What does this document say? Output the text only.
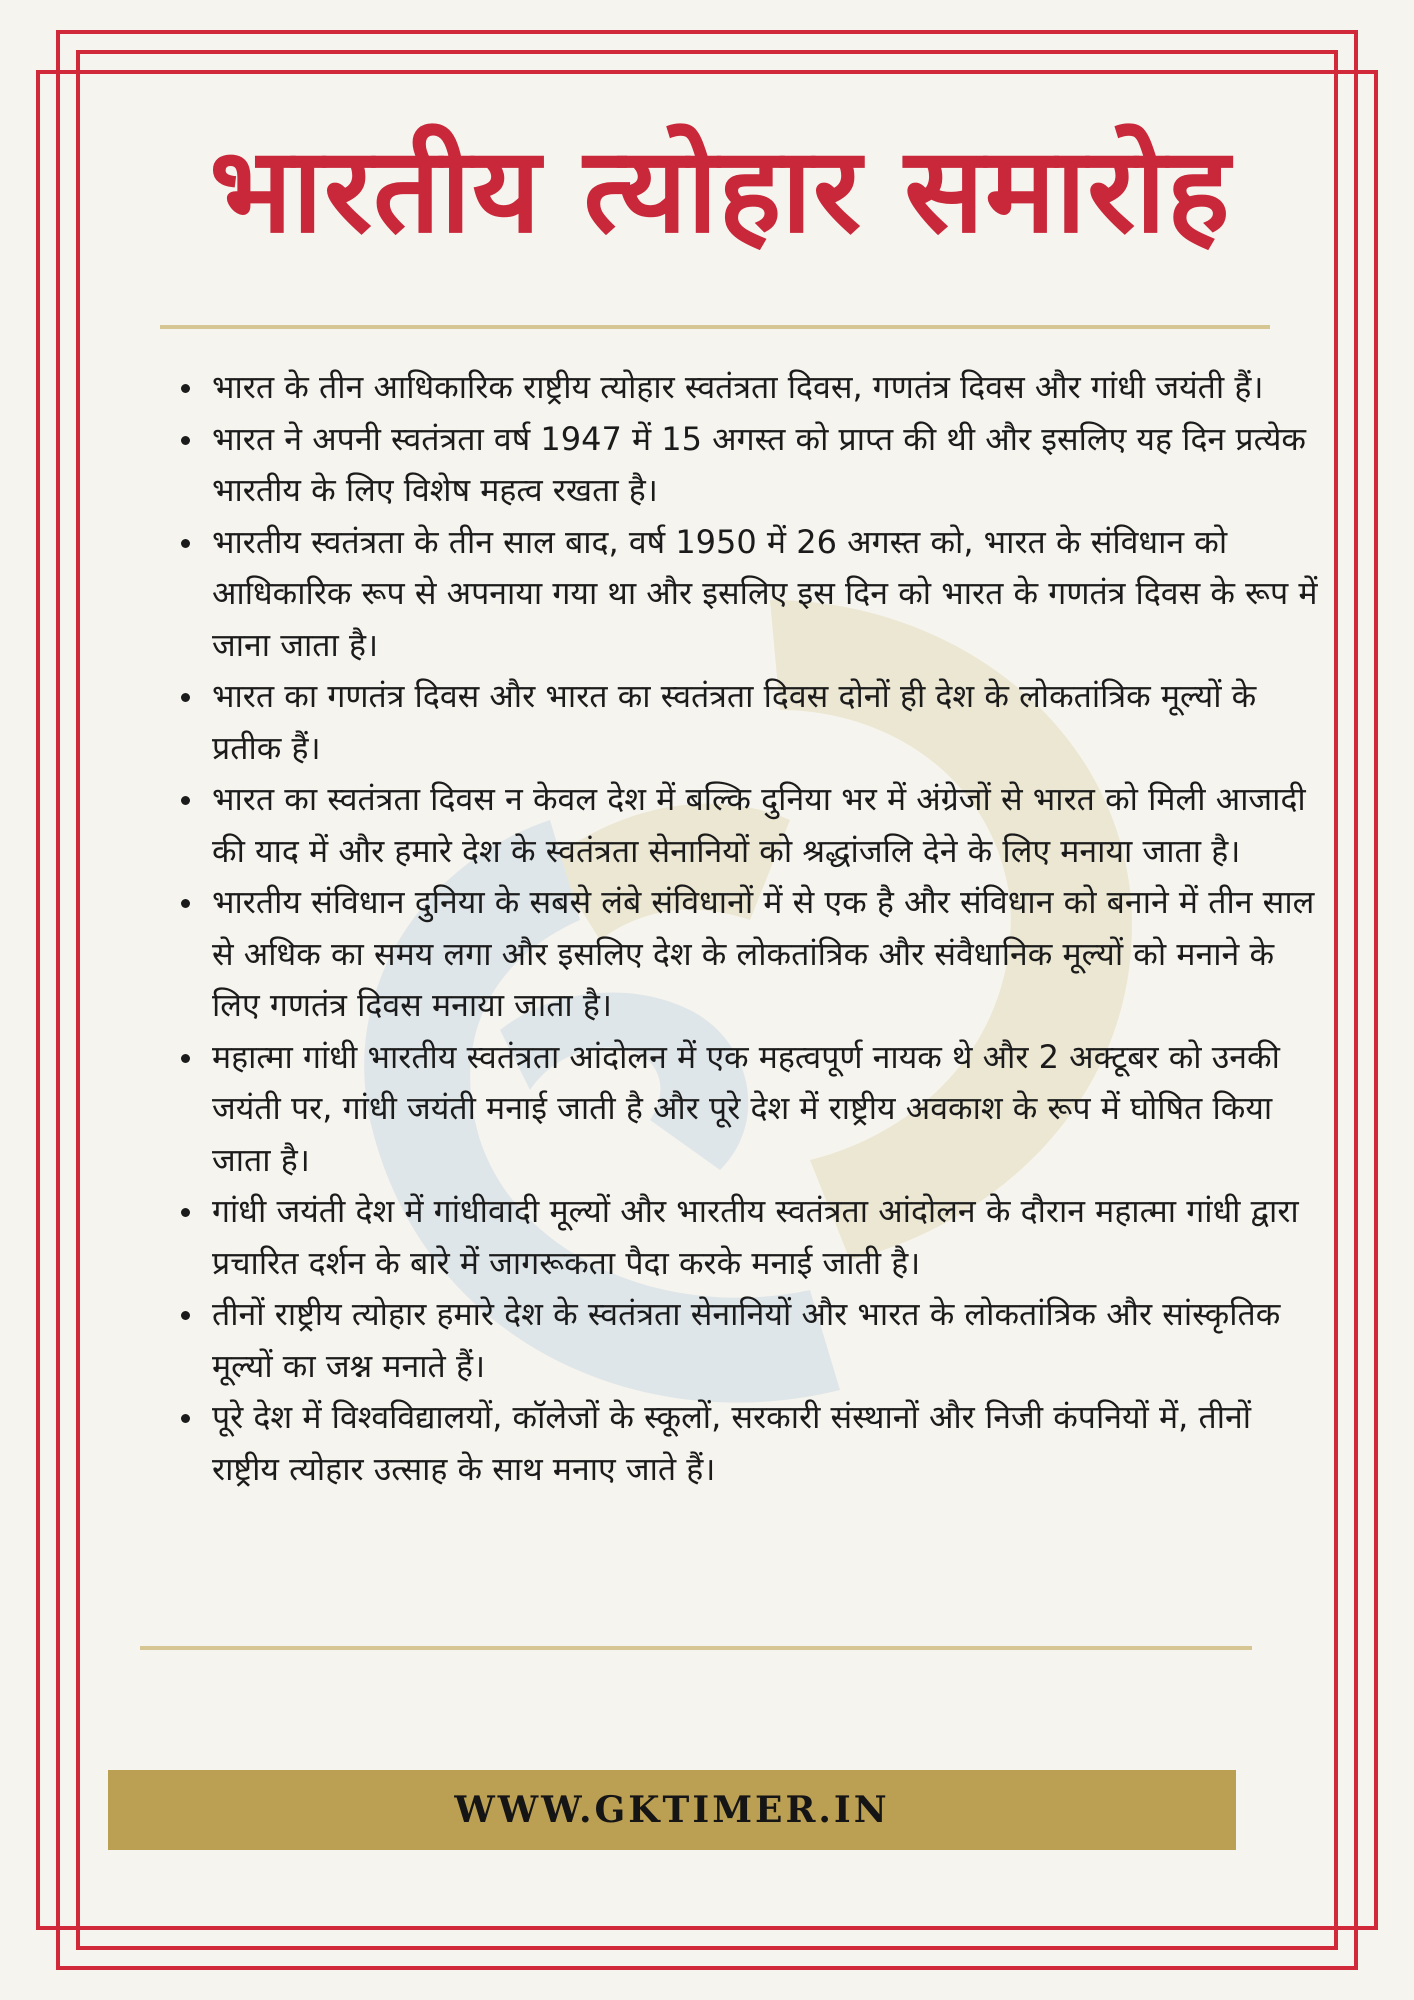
भारतीय त्योहार समारोह
• भारत के तीन आधिकारिक राष्ट्रीय त्योहार स्वतंत्रता दिवस, गणतंत्र दिवस और गांधी जयंती हैं।
• भारत ने अपनी स्वतंत्रता वर्ष 1947 में 15 अगस्त को प्राप्त की थी और इसलिए यह दिन प्रत्येक भारतीय के लिए विशेष महत्व रखता है।
• भारतीय स्वतंत्रता के तीन साल बाद, वर्ष 1950 में 26 अगस्त को, भारत के संविधान को आधिकारिक रूप से अपनाया गया था और इसलिए इस दिन को भारत के गणतंत्र दिवस के रूप में जाना जाता है।
• भारत का गणतंत्र दिवस और भारत का स्वतंत्रता दिवस दोनों ही देश के लोकतांत्रिक मूल्यों के प्रतीक हैं।
• भारत का स्वतंत्रता दिवस न केवल देश में बल्कि दुनिया भर में अंग्रेजों से भारत को मिली आजादी की याद में और हमारे देश के स्वतंत्रता सेनानियों को श्रद्धांजलि देने के लिए मनाया जाता है।
• भारतीय संविधान दुनिया के सबसे लंबे संविधानों में से एक है और संविधान को बनाने में तीन साल से अधिक का समय लगा और इसलिए देश के लोकतांत्रिक और संवैधानिक मूल्यों को मनाने के लिए गणतंत्र दिवस मनाया जाता है।
• महात्मा गांधी भारतीय स्वतंत्रता आंदोलन में एक महत्वपूर्ण नायक थे और 2 अक्टूबर को उनकी जयंती पर, गांधी जयंती मनाई जाती है और पूरे देश में राष्ट्रीय अवकाश के रूप में घोषित किया जाता है।
• गांधी जयंती देश में गांधीवादी मूल्यों और भारतीय स्वतंत्रता आंदोलन के दौरान महात्मा गांधी द्वारा प्रचारित दर्शन के बारे में जागरूकता पैदा करके मनाई जाती है।
• तीनों राष्ट्रीय त्योहार हमारे देश के स्वतंत्रता सेनानियों और भारत के लोकतांत्रिक और सांस्कृतिक मूल्यों का जश्न मनाते हैं।
• पूरे देश में विश्वविद्यालयों, कॉलेजों के स्कूलों, सरकारी संस्थानों और निजी कंपनियों में, तीनों राष्ट्रीय त्योहार उत्साह के साथ मनाए जाते हैं।
WWW.GKTIMER.IN
